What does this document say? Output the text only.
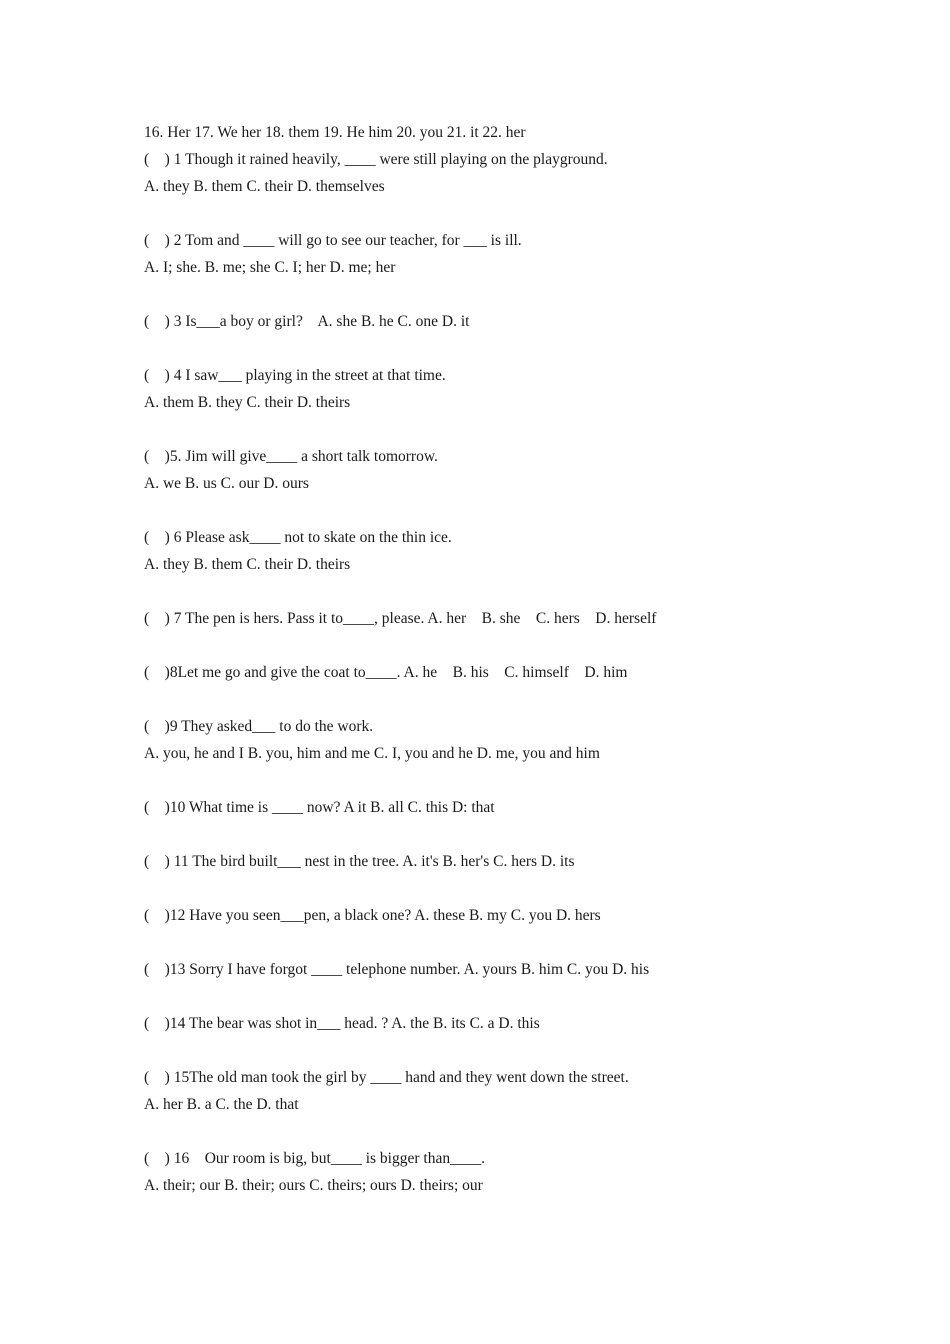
16. Her 17. We her 18. them 19. He him 20. you 21. it 22. her
(    ) 1 Though it rained heavily, ____ were still playing on the playground.
A. they B. them C. their D. themselves
(    ) 2 Tom and ____ will go to see our teacher, for ___ is ill.
A. I; she. B. me; she C. I; her D. me; her
(    ) 3 Is___a boy or girl?    A. she B. he C. one D. it
(    ) 4 I saw___ playing in the street at that time.
A. them B. they C. their D. theirs
(    )5. Jim will give____ a short talk tomorrow.
A. we B. us C. our D. ours
(    ) 6 Please ask____ not to skate on the thin ice.
A. they B. them C. their D. theirs
(    ) 7 The pen is hers. Pass it to____, please. A. her    B. she    C. hers    D. herself
(    )8Let me go and give the coat to____. A. he    B. his    C. himself    D. him
(    )9 They asked___ to do the work.
A. you, he and I B. you, him and me C. I, you and he D. me, you and him
(    )10 What time is ____ now? A it B. all C. this D: that
(    ) 11 The bird built___ nest in the tree. A. it's B. her's C. hers D. its
(    )12 Have you seen___pen, a black one? A. these B. my C. you D. hers
(    )13 Sorry I have forgot ____ telephone number. A. yours B. him C. you D. his
(    )14 The bear was shot in___ head. ? A. the B. its C. a D. this
(    ) 15The old man took the girl by ____ hand and they went down the street.
A. her B. a C. the D. that
(    ) 16    Our room is big, but____ is bigger than____.
A. their; our B. their; ours C. theirs; ours D. theirs; our
